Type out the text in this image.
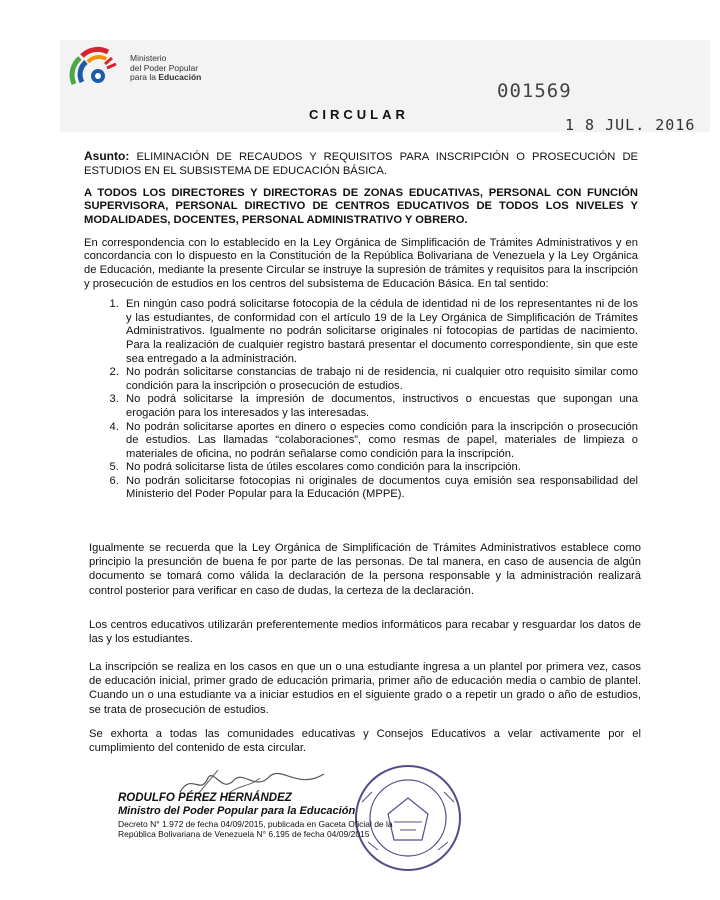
Ministerio
del Poder Popular
para la Educación
001569
CIRCULAR
1 8 JUL. 2016

Asunto: ELIMINACIÓN DE RECAUDOS Y REQUISITOS PARA INSCRIPCIÓN O PROSECUCIÓN DE ESTUDIOS EN EL SUBSISTEMA DE EDUCACIÓN BÁSICA.

A TODOS LOS DIRECTORES Y DIRECTORAS DE ZONAS EDUCATIVAS, PERSONAL CON FUNCIÓN SUPERVISORA, PERSONAL DIRECTIVO DE CENTROS EDUCATIVOS DE TODOS LOS NIVELES Y MODALIDADES, DOCENTES, PERSONAL ADMINISTRATIVO Y OBRERO.

En correspondencia con lo establecido en la Ley Orgánica de Simplificación de Trámites Administrativos y en concordancia con lo dispuesto en la Constitución de la República Bolivariana de Venezuela y la Ley Orgánica de Educación, mediante la presente Circular se instruye la supresión de trámites y requisitos para la inscripción y prosecución de estudios en los centros del subsistema de Educación Básica. En tal sentido:

1. En ningún caso podrá solicitarse fotocopia de la cédula de identidad ni de los representantes ni de los y las estudiantes, de conformidad con el artículo 19 de la Ley Orgánica de Simplificación de Trámites Administrativos. Igualmente no podrán solicitarse originales ni fotocopias de partidas de nacimiento. Para la realización de cualquier registro bastará presentar el documento correspondiente, sin que este sea entregado a la administración.
2. No podrán solicitarse constancias de trabajo ni de residencia, ni cualquier otro requisito similar como condición para la inscripción o prosecución de estudios.
3. No podrá solicitarse la impresión de documentos, instructivos o encuestas que supongan una erogación para los interesados y las interesadas.
4. No podrán solicitarse aportes en dinero o especies como condición para la inscripción o prosecución de estudios. Las llamadas “colaboraciones”, como resmas de papel, materiales de limpieza o materiales de oficina, no podrán señalarse como condición para la inscripción.
5. No podrá solicitarse lista de útiles escolares como condición para la inscripción.
6. No podrán solicitarse fotocopias ni originales de documentos cuya emisión sea responsabilidad del Ministerio del Poder Popular para la Educación (MPPE).

Igualmente se recuerda que la Ley Orgánica de Simplificación de Trámites Administrativos establece como principio la presunción de buena fe por parte de las personas. De tal manera, en caso de ausencia de algún documento se tomará como válida la declaración de la persona responsable y la administración realizará control posterior para verificar en caso de dudas, la certeza de la declaración.

Los centros educativos utilizarán preferentemente medios informáticos para recabar y resguardar los datos de las y los estudiantes.

La inscripción se realiza en los casos en que un o una estudiante ingresa a un plantel por primera vez, casos de educación inicial, primer grado de educación primaria, primer año de educación media o cambio de plantel. Cuando un o una estudiante va a iniciar estudios en el siguiente grado o a repetir un grado o año de estudios, se trata de prosecución de estudios.

Se exhorta a todas las comunidades educativas y Consejos Educativos a velar activamente por el cumplimiento del contenido de esta circular.

RODULFO PÉREZ HERNÁNDEZ
Ministro del Poder Popular para la Educación
Decreto N° 1.972 de fecha 04/09/2015, publicada en Gaceta Oficial de la
República Bolivariana de Venezuela N° 6.195 de fecha 04/09/2015
